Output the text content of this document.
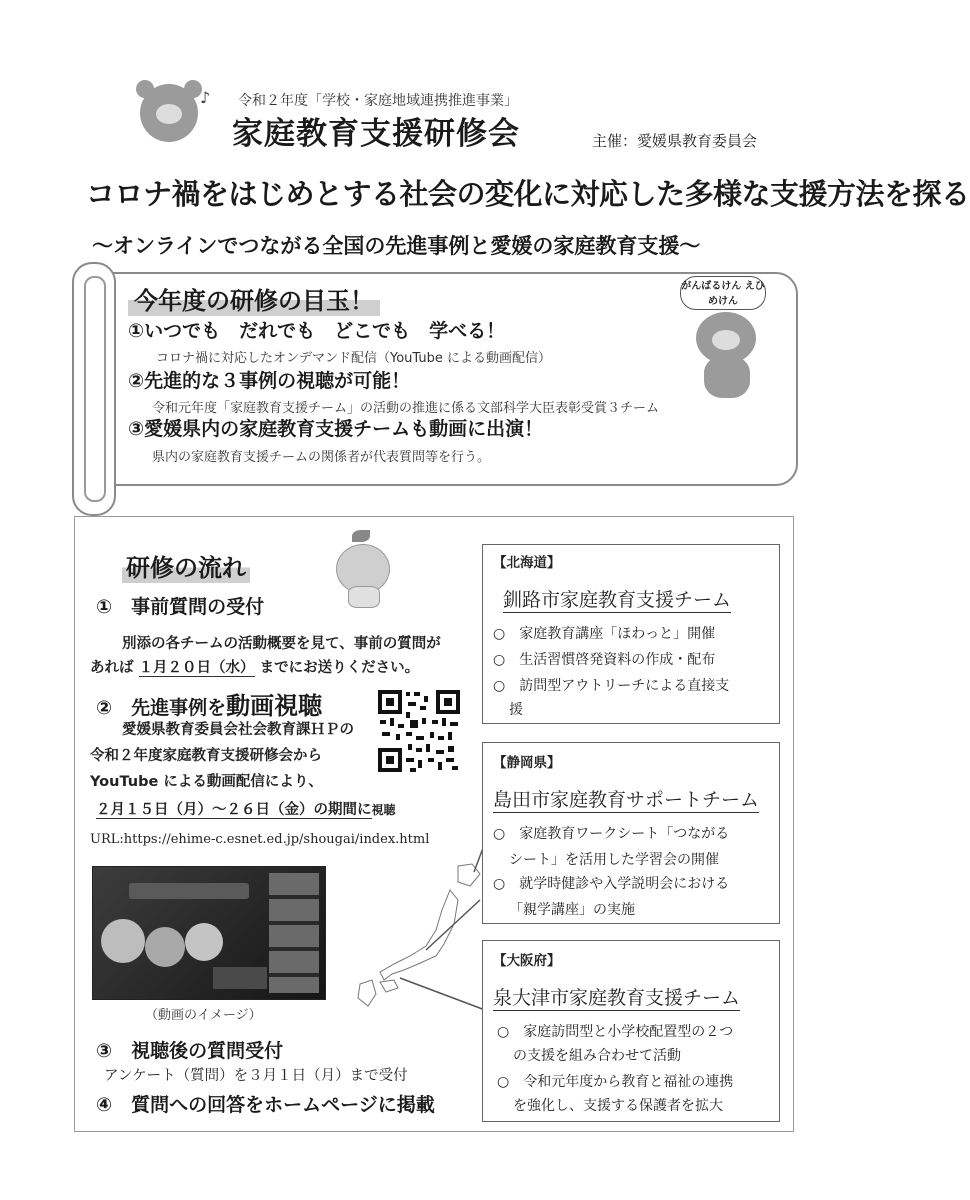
♪ 令和２年度「学校・家庭地域連携推進事業」
家庭教育支援研修会	主催：愛媛県教育委員会
コロナ禍をはじめとする社会の変化に対応した多様な支援方法を探る
～オンラインでつながる全国の先進事例と愛媛の家庭教育支援～
今年度の研修の目玉！
①いつでも　だれでも　どこでも　学べる！
コロナ禍に対応したオンデマンド配信（YouTube による動画配信）
②先進的な３事例の視聴が可能！
令和元年度「家庭教育支援チーム」の活動の推進に係る文部科学大臣表彰受賞３チーム
③愛媛県内の家庭教育支援チームも動画に出演！
県内の家庭教育支援チームの関係者が代表質問等を行う。
がんばるけん えひめけん
研修の流れ
①　事前質問の受付
別添の各チームの活動概要を見て、事前の質問が
あれば １月２０日（水） までにお送りください。
②　先進事例を動画視聴
愛媛県教育委員会社会教育課ＨＰの
令和２年度家庭教育支援研修会から
YouTube による動画配信により、
２月１５日（月）～２６日（金）の期間に視聴
URL:https://ehime-c.esnet.ed.jp/shougai/index.html
（動画のイメージ）
③　視聴後の質問受付
アンケート（質問）を３月１日（月）まで受付
④　質問への回答をホームページに掲載
【北海道】
釧路市家庭教育支援チーム
○　家庭教育講座「ほわっと」開催
○　生活習慣啓発資料の作成・配布
○　訪問型アウトリーチによる直接支
援
【静岡県】
島田市家庭教育サポートチーム
○　家庭教育ワークシート「つながる
シート」を活用した学習会の開催
○　就学時健診や入学説明会における
「親学講座」の実施
【大阪府】
泉大津市家庭教育支援チーム
○　家庭訪問型と小学校配置型の２つ
の支援を組み合わせて活動
○　令和元年度から教育と福祉の連携
を強化し、支援する保護者を拡大
